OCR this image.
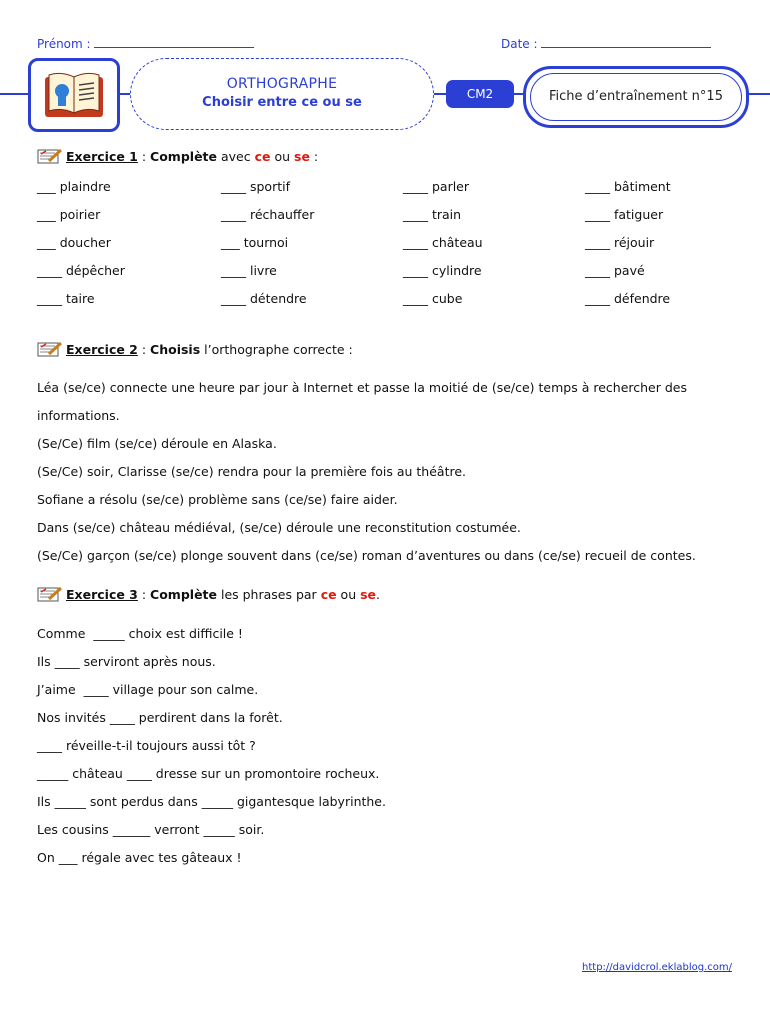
Prénom :	Date :
ORTHOGRAPHE
Choisir entre ce ou se
CM2	Fiche d’entraînement n°15
Exercice 1 : Complète avec ce ou se :
___ plaindre	____ sportif	____ parler	____ bâtiment
___ poirier	____ réchauffer	____ train	____ fatiguer
___ doucher	___ tournoi	____ château	____ réjouir
____ dépêcher	____ livre	____ cylindre	____ pavé
____ taire	____ détendre	____ cube	____ défendre
Exercice 2 : Choisis l’orthographe correcte :
Léa (se/ce) connecte une heure par jour à Internet et passe la moitié de (se/ce) temps à rechercher des
informations.
(Se/Ce) film (se/ce) déroule en Alaska.
(Se/Ce) soir, Clarisse (se/ce) rendra pour la première fois au théâtre.
Sofiane a résolu (se/ce) problème sans (ce/se) faire aider.
Dans (se/ce) château médiéval, (se/ce) déroule une reconstitution costumée.
(Se/Ce) garçon (se/ce) plonge souvent dans (ce/se) roman d’aventures ou dans (ce/se) recueil de contes.
Exercice 3 : Complète les phrases par ce ou se.
Comme  _____ choix est difficile !
Ils ____ serviront après nous.
J’aime  ____ village pour son calme.
Nos invités ____ perdirent dans la forêt.
____ réveille-t-il toujours aussi tôt ?
_____ château ____ dresse sur un promontoire rocheux.
Ils _____ sont perdus dans _____ gigantesque labyrinthe.
Les cousins ______ verront _____ soir.
On ___ régale avec tes gâteaux !
http://davidcrol.eklablog.com/
